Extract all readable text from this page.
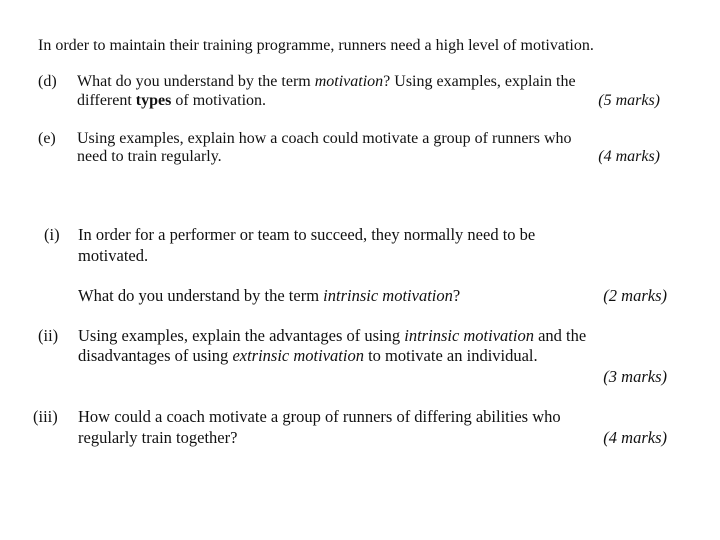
In order to maintain their training programme, runners need a high level of motivation.
(d) What do you understand by the term motivation? Using examples, explain the
different types of motivation.	(5 marks)
(e) Using examples, explain how a coach could motivate a group of runners who
need to train regularly.	(4 marks)
(i) In order for a performer or team to succeed, they normally need to be
motivated.
What do you understand by the term intrinsic motivation?	(2 marks)
(ii) Using examples, explain the advantages of using intrinsic motivation and the
disadvantages of using extrinsic motivation to motivate an individual.
(3 marks)
(iii) How could a coach motivate a group of runners of differing abilities who
regularly train together?	(4 marks)
